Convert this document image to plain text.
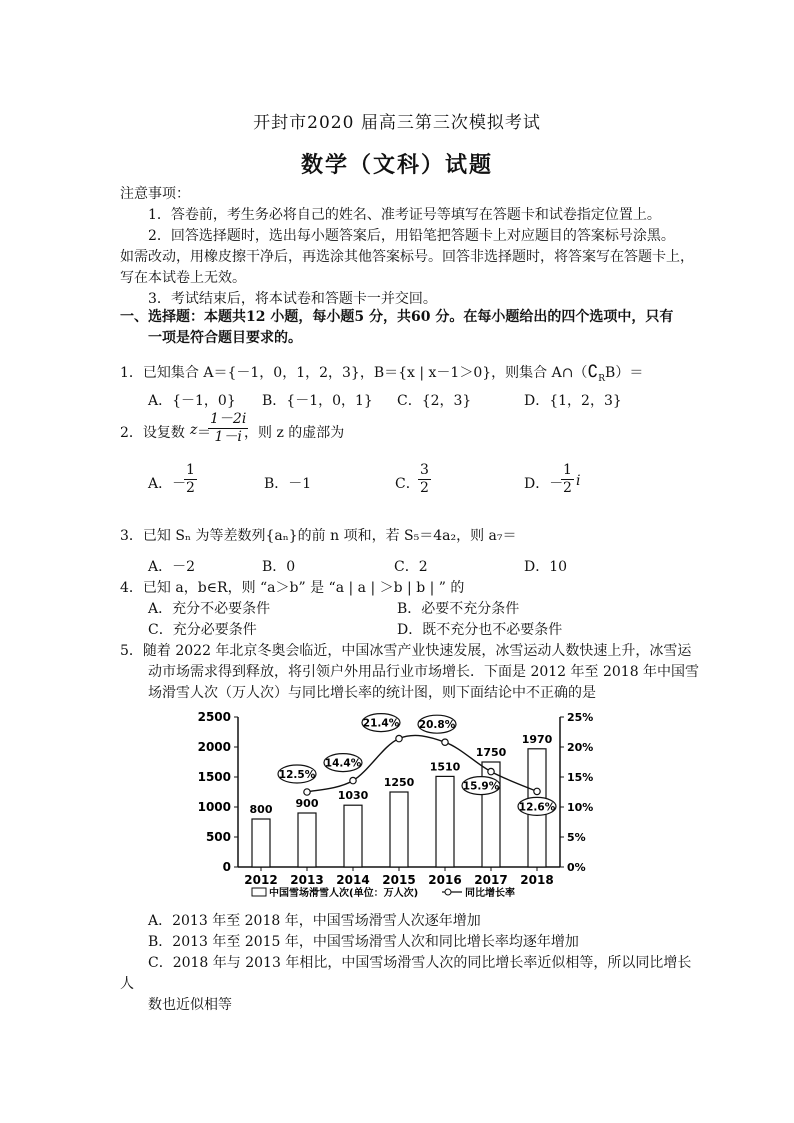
开封市2020 届高三第三次模拟考试
数学（文科）试题
注意事项：
1．答卷前，考生务必将自己的姓名、准考证号等填写在答题卡和试卷指定位置上。
2．回答选择题时，选出每小题答案后，用铅笔把答题卡上对应题目的答案标号涂黑。
如需改动，用橡皮擦干净后，再选涂其他答案标号。回答非选择题时，将答案写在答题卡上，
写在本试卷上无效。
3．考试结束后，将本试卷和答题卡一并交回。
一、选择题：本题共12 小题，每小题5 分，共60 分。在每小题给出的四个选项中，只有
一项是符合题目要求的。
1．已知集合 A＝{－1，0，1，2，3}，B＝{x | x－1＞0}，则集合 $A\cap(∁_RB)=$
A．{－1，0} B．{－1，0，1} C．{2，3}	D．{1，2，3}
2．设复数 z ＝
1－2i
1－i ，则 z 的虚部为
A．－
1
2	B．－1	C．
3
2	D．－
1
2 i
3．已知 Sₙ 为等差数列{aₙ}的前 n 项和，若 S₅＝4a₂，则 a₇＝
A．－2	B．0	C．2	D．10
4．已知 a，b∈R，则 “a＞b” 是 “a | a | ＞b | b | ” 的
A．充分不必要条件	B．必要不充分条件
C．充分必要条件	D．既不充分也不必要条件
5．随着 2022 年北京冬奥会临近，中国冰雪产业快速发展，冰雪运动人数快速上升，冰雪运
动市场需求得到释放，将引领户外用品行业市场增长．下面是 2012 年至 2018 年中国雪
场滑雪人次（万人次）与同比增长率的统计图，则下面结论中不正确的是
0
500
1000
1500
2000
2500
0%
5%
10%
15%
20%
25%
2012 2013 2014 2015 2016 2017 2018
800 900
1030
1250
1510
1750
1970
12.5%
14.4%
21.4% 20.8%
15.9%
12.6%
中国雪场滑雪人次(单位：万人次)	同比增长率
A．2013 年至 2018 年，中国雪场滑雪人次逐年增加
B．2013 年至 2015 年，中国雪场滑雪人次和同比增长率均逐年增加
C．2018 年与 2013 年相比，中国雪场滑雪人次的同比增长率近似相等，所以同比增长
人
数也近似相等
